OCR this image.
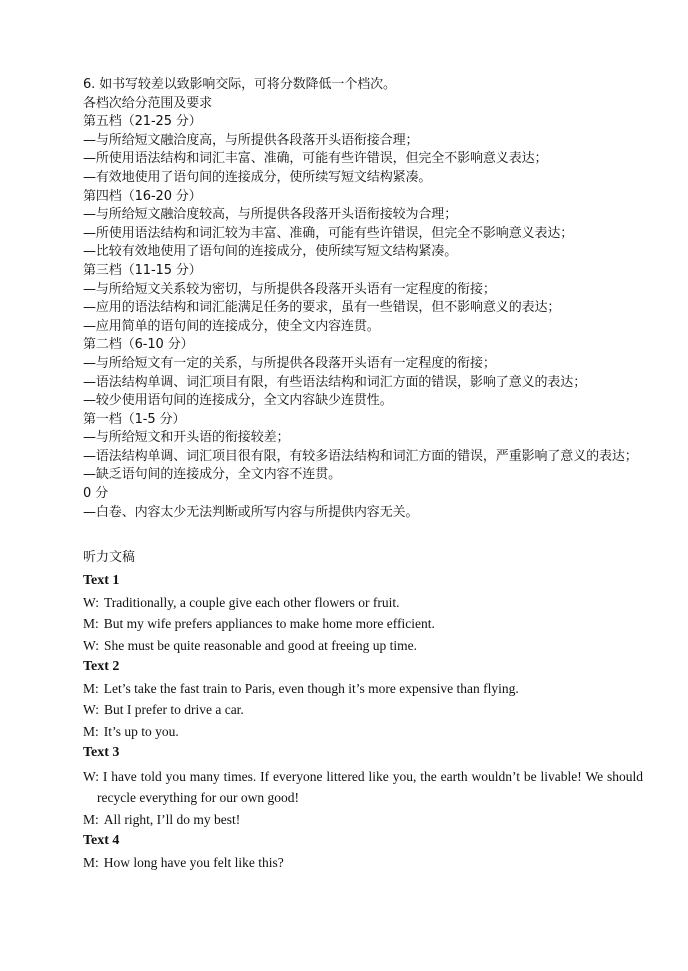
6. 如书写较差以致影响交际，可将分数降低一个档次。

各档次给分范围及要求

第五档（21-25 分）

—与所给短文融洽度高，与所提供各段落开头语衔接合理；

—所使用语法结构和词汇丰富、准确，可能有些许错误，但完全不影响意义表达；

—有效地使用了语句间的连接成分，使所续写短文结构紧凑。

第四档（16-20 分）

—与所给短文融洽度较高，与所提供各段落开头语衔接较为合理；

—所使用语法结构和词汇较为丰富、准确，可能有些许错误，但完全不影响意义表达；

—比较有效地使用了语句间的连接成分，使所续写短文结构紧凑。

第三档（11-15 分）

—与所给短文关系较为密切，与所提供各段落开头语有一定程度的衔接；

—应用的语法结构和词汇能满足任务的要求，虽有一些错误，但不影响意义的表达；

—应用简单的语句间的连接成分，使全文内容连贯。

第二档（6-10 分）

—与所给短文有一定的关系，与所提供各段落开头语有一定程度的衔接；

—语法结构单调、词汇项目有限，有些语法结构和词汇方面的错误，影响了意义的表达；

—较少使用语句间的连接成分，全文内容缺少连贯性。

第一档（1-5 分）

—与所给短文和开头语的衔接较差；

—语法结构单调、词汇项目很有限，有较多语法结构和词汇方面的错误，严重影响了意义的表达；

—缺乏语句间的连接成分，全文内容不连贯。

0 分

—白卷、内容太少无法判断或所写内容与所提供内容无关。

听力文稿

Text 1

W: Traditionally, a couple give each other flowers or fruit.

M: But my wife prefers appliances to make home more efficient.

W: She must be quite reasonable and good at freeing up time.

Text 2

M: Let’s take the fast train to Paris, even though it’s more expensive than flying.

W: But I prefer to drive a car.

M: It’s up to you.

Text 3

W: I have told you many times. If everyone littered like you, the earth wouldn’t be livable! We should recycle everything for our own good!

M: All right, I’ll do my best!

Text 4

M: How long have you felt like this?
